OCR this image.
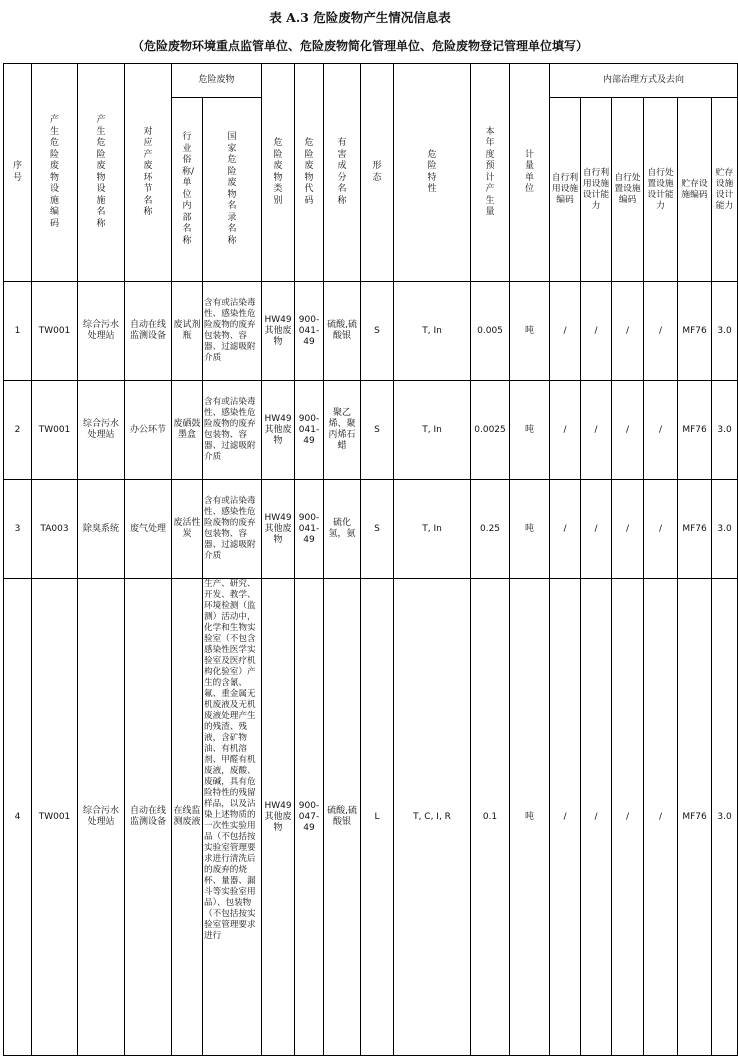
表 A.3 危险废物产生情况信息表
（危险废物环境重点监管单位、危险废物简化管理单位、危险废物登记管理单位填写）
序号	产生危险废物设施编码	产生危险废物设施名称	对应产废环节名称	危险废物		危险废物类别	危险废物代码	有害成分名称	形态	危险特性	本年度预计产生量	计量单位	内部治理方式及去向					
				行业俗称/单位内部名称	国家危险废物名录名称								自行利用设施编码	自行利用设施设计能力	自行处置设施编码	自行处置设施设计能力	贮存设施编码	贮存设施设计能力
1	TW001	综合污水处理站	自动在线监测设备	废试剂瓶	含有或沾染毒性、感染性危险废物的废弃包装物、容器、过滤吸附介质	HW49其他废物	900-041-49	硫酸,硫酸银	S	T, In	0.005	吨	/	/	/	/	MF76	3.0
2	TW001	综合污水处理站	办公环节	废硒鼓墨盒	含有或沾染毒性、感染性危险废物的废弃包装物、容器、过滤吸附介质	HW49其他废物	900-041-49	聚乙烯、聚丙烯石蜡	S	T, In	0.0025	吨	/	/	/	/	MF76	3.0
3	TA003	除臭系统	废气处理	废活性炭	含有或沾染毒性、感染性危险废物的废弃包装物、容器、过滤吸附介质	HW49其他废物	900-041-49	硫化氢，氨	S	T, In	0.25	吨	/	/	/	/	MF76	3.0
4	TW001	综合污水处理站	自动在线监测设备	在线监测废液	生产、研究、开发、教学、环境检测（监测）活动中，化学和生物实验室（不包含感染性医学实验室及医疗机构化验室）产生的含氰、氟、重金属无机废液及无机废液处理产生的残渣、残液，含矿物油、有机溶剂、甲醛有机废液，废酸、废碱，具有危险特性的残留样品，以及沾染上述物质的一次性实验用品（不包括按实验室管理要求进行清洗后的废弃的烧杯、量器、漏斗等实验室用品）、包装物（不包括按实验室管理要求进行	HW49其他废物	900-047-49	硫酸,硫酸银	L	T, C, I, R	0.1	吨	/	/	/	/	MF76	3.0
